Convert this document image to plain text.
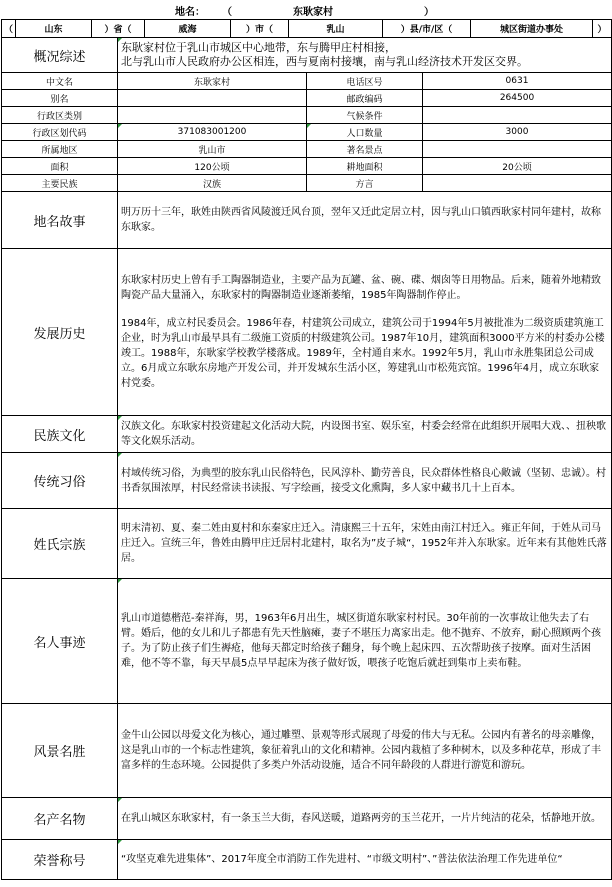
地名： （	东耿家村	）
（	山东	）省（	威海	）市（	乳山	）县/市/区（	城区街道办事处	）
概况综述	东耿家村位于乳山市城区中心地带，东与腾甲庄村相接，
北与乳山市人民政府办公区相连，西与夏南村接壤，南与乳山经济技术开发区交界。		

中文名	东耿家村	电话区号	0631
别名		邮政编码	264500
行政区类别		气候条件	
行政区划代码	371083001200	人口数量	3000
所属地区	乳山市	著名景点	
面积	120公顷	耕地面积	20公顷
主要民族	汉族	方言	
地名故事	明万历十三年，耿姓由陕西省风陵渡迁风台顶，翌年又迁此定居立村，因与乳山口镇西耿家村同年建村，故称东耿家。		
发展历史	东耿家村历史上曾有手工陶器制造业，主要产品为瓦罐、盆、碗、碟、烟囱等日用物品。后来，随着外地精致陶瓷产品大量涌入，东耿家村的陶器制造业逐渐萎缩，1985年陶器制作停止。
1984年，成立村民委员会。1986年春，村建筑公司成立，建筑公司于1994年5月被批准为二级资质建筑施工企业，时为乳山市最早具有二级施工资质的村级建筑公司。1987年10月，建筑面积3000平方米的村委办公楼竣工。1988年，东耿家学校教学楼落成。1989年，全村通自来水。1992年5月，乳山市永胜集团总公司成立。6月成立东耿东房地产开发公司，并开发城东生活小区，筹建乳山市松苑宾馆。1996年4月，成立东耿家村党委。		

民族文化	汉族文化。东耿家村投资建起文化活动大院，内设图书室、娱乐室，村委会经常在此组织开展唱大戏、、扭秧歌等文化娱乐活动。		
传统习俗	村域传统习俗，为典型的胶东乳山民俗特色，民风淳朴、勤劳善良，民众群体性格良心敞诚（坚韧、忠诚）。村书香氛围浓厚，村民经常读书读报、写字绘画，接受文化熏陶，多人家中藏书几十上百本。		
姓氏宗族	明末清初、夏、秦二姓由夏村和东秦家庄迁入。清康熙三十五年，宋姓由南江村迁入。雍正年间，于姓从司马庄迁入。宣统三年，鲁姓由腾甲庄迁居村北建村，取名为”皮子城“，1952年并入东耿家。近年来有其他姓氏落居。		
名人事迹	乳山市道德楷范-秦祥海，男，1963年6月出生，城区街道东耿家村村民。30年前的一次事故让他失去了右臂。婚后，他的女儿和儿子都患有先天性脑瘫，妻子不堪压力离家出走。他不抛弃、不放弃，耐心照顾两个孩子。为了防止孩子们生褥疮，他每天都定时给孩子翻身，每个晚上起床四、五次帮助孩子按摩。面对生活困难，他不等不靠，每天早晨5点早早起床为孩子做好饭，喂孩子吃饱后就赶到集市上卖布鞋。		
风景名胜	金牛山公园以母爱文化为核心，通过雕塑、景观等形式展现了母爱的伟大与无私。公园内有著名的母亲雕像，这是乳山市的一个标志性建筑，象征着乳山的文化和精神。公园内栽植了多种树木，以及多种花草，形成了丰富多样的生态环境。公园提供了多类户外活动设施，适合不同年龄段的人群进行游览和游玩。		
名产名物	在乳山城区东耿家村，有一条玉兰大街，春风送暖，道路两旁的玉兰花开，一片片纯洁的花朵，恬静地开放。		
荣誉称号	“攻坚克难先进集体”、2017年度全市消防工作先进村、“市级文明村”、”普法依法治理工作先进单位“		
